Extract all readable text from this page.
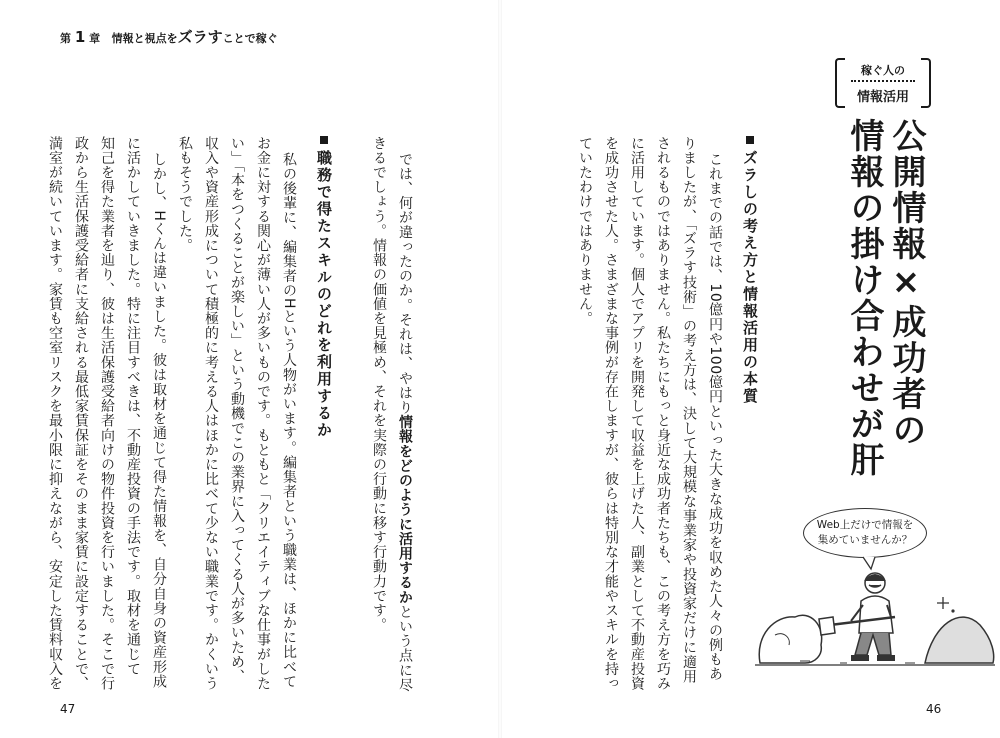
第 1 章 情報と視点をズラすことで稼ぐ
47	46
稼ぐ人の
情報活用
公開情報×成功者の
情報の掛け合わせが肝
ズラしの考え方と情報活用の本質
これまでの話では、10億円や100億円といった大きな成功を収めた人々の例もあ
りましたが、「ズラす技術」の考え方は、決して大規模な事業家や投資家だけに適用
されるものではありません。私たちにもっと身近な成功者たちも、この考え方を巧み
に活用しています。個人でアプリを開発して収益を上げた人、副業として不動産投資
を成功させた人。さまざまな事例が存在しますが、彼らは特別な才能やスキルを持っ
ていたわけではありません。
では、何が違ったのか。それは、やはり情報をどのように活用するかという点に尽
きるでしょう。情報の価値を見極め、それを実際の行動に移す行動力です。
職務で得たスキルのどれを利用するか
私の後輩に、編集者のHという人物がいます。編集者という職業は、ほかに比べて
お金に対する関心が薄い人が多いものです。もともと「クリエイティブな仕事がした
い」「本をつくることが楽しい」という動機でこの業界に入ってくる人が多いため、
収入や資産形成について積極的に考える人はほかに比べて少ない職業です。かくいう
私もそうでした。
しかし、Hくんは違いました。彼は取材を通じて得た情報を、自分自身の資産形成
に活かしていきました。特に注目すべきは、不動産投資の手法です。取材を通じて
知己を得た業者を辿り、彼は生活保護受給者向けの物件投資を行いました。そこで行
政から生活保護受給者に支給される最低家賃保証をそのまま家賃に設定することで、
満室が続いています。家賃も空室リスクを最小限に抑えながら、安定した賃料収入を	Web上だけで情報を
集めていませんか？
